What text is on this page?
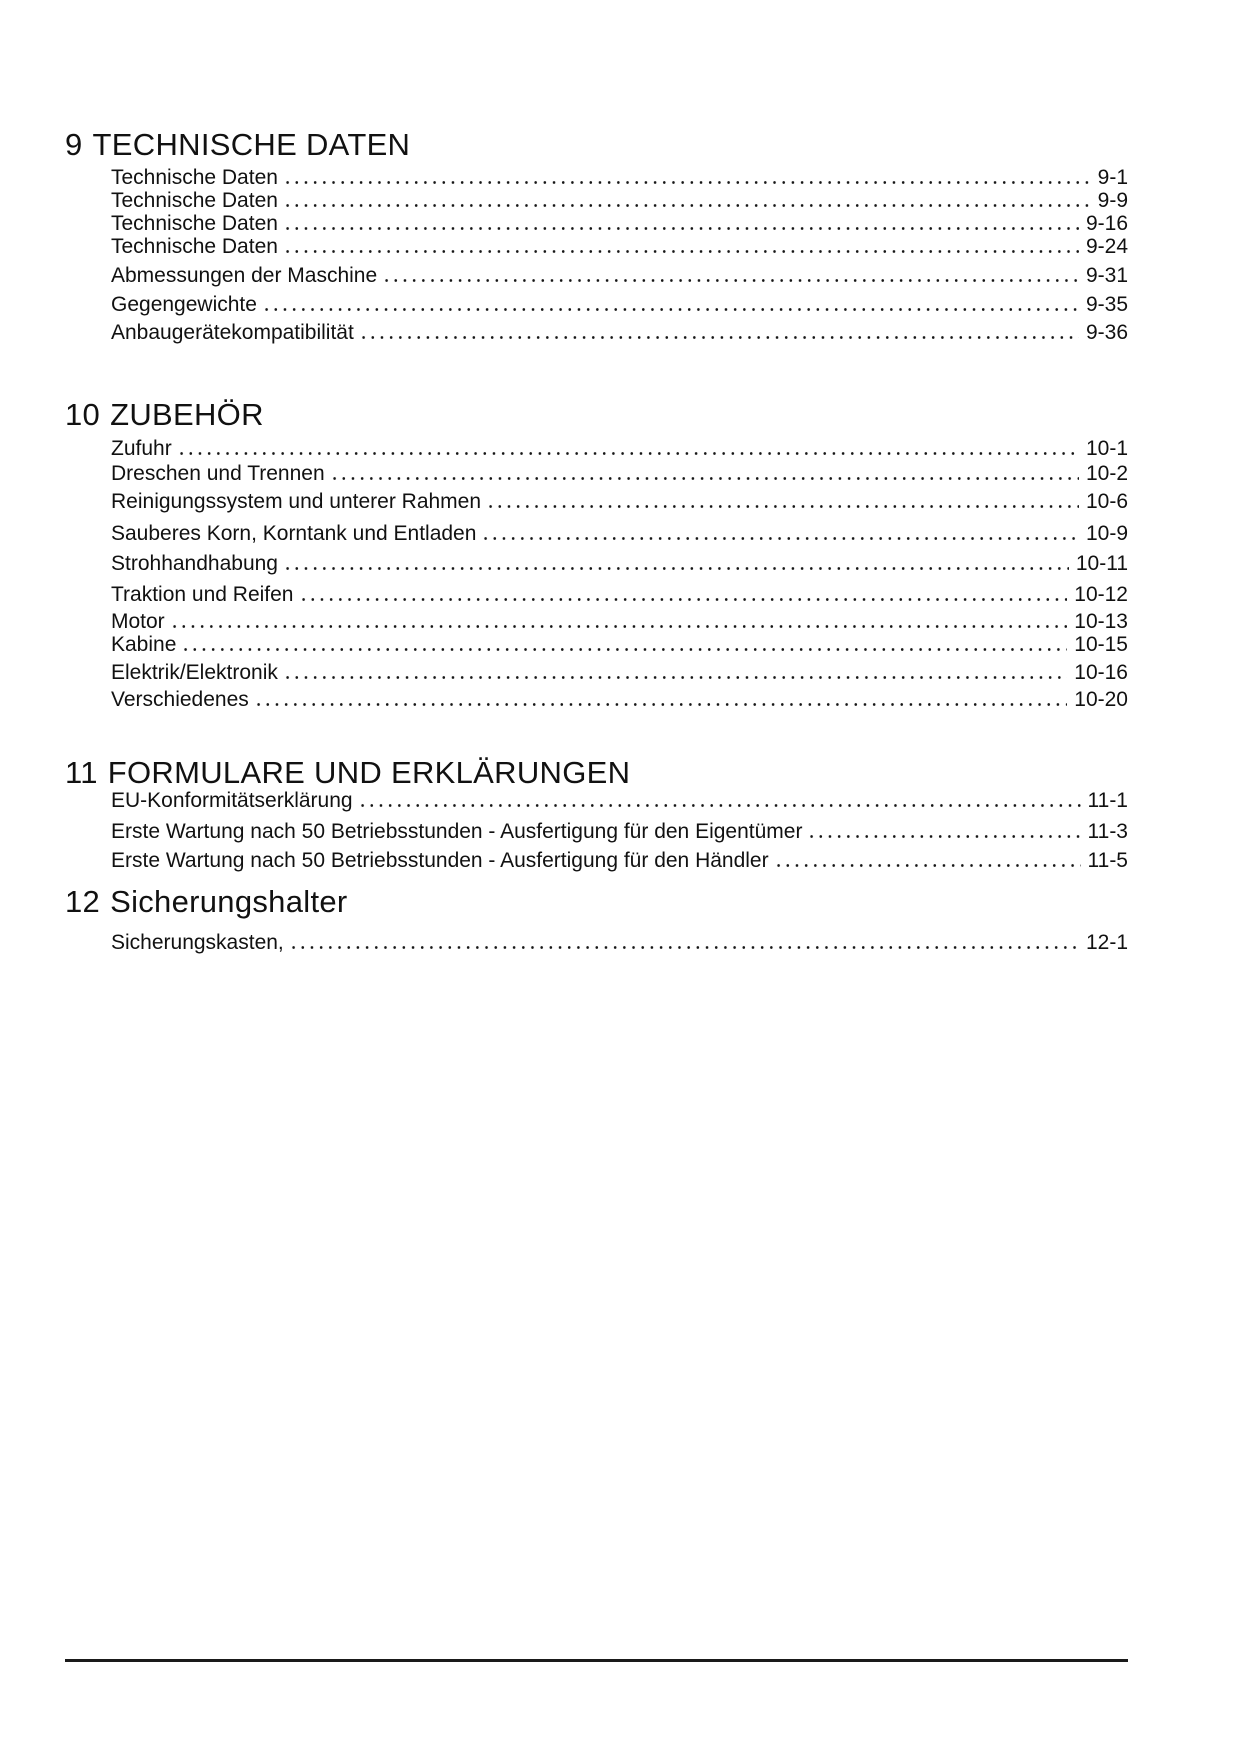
9 TECHNISCHE DATEN
Technische Daten	9-1
Technische Daten	9-9
Technische Daten	9-16
Technische Daten	9-24
Abmessungen der Maschine	9-31
Gegengewichte	9-35
Anbaugerätekompatibilität	9-36
10 ZUBEHÖR
Zufuhr	10-1
Dreschen und Trennen	10-2
Reinigungssystem und unterer Rahmen	10-6
Sauberes Korn, Korntank und Entladen	10-9
Strohhandhabung	10-11
Traktion und Reifen	10-12
Motor	10-13
Kabine	10-15
Elektrik/Elektronik	10-16
Verschiedenes	10-20
11 FORMULARE UND ERKLÄRUNGEN
EU-Konformitätserklärung	11-1
Erste Wartung nach 50 Betriebsstunden - Ausfertigung für den Eigentümer	11-3
Erste Wartung nach 50 Betriebsstunden - Ausfertigung für den Händler	11-5
12 Sicherungshalter
Sicherungskasten,	12-1
